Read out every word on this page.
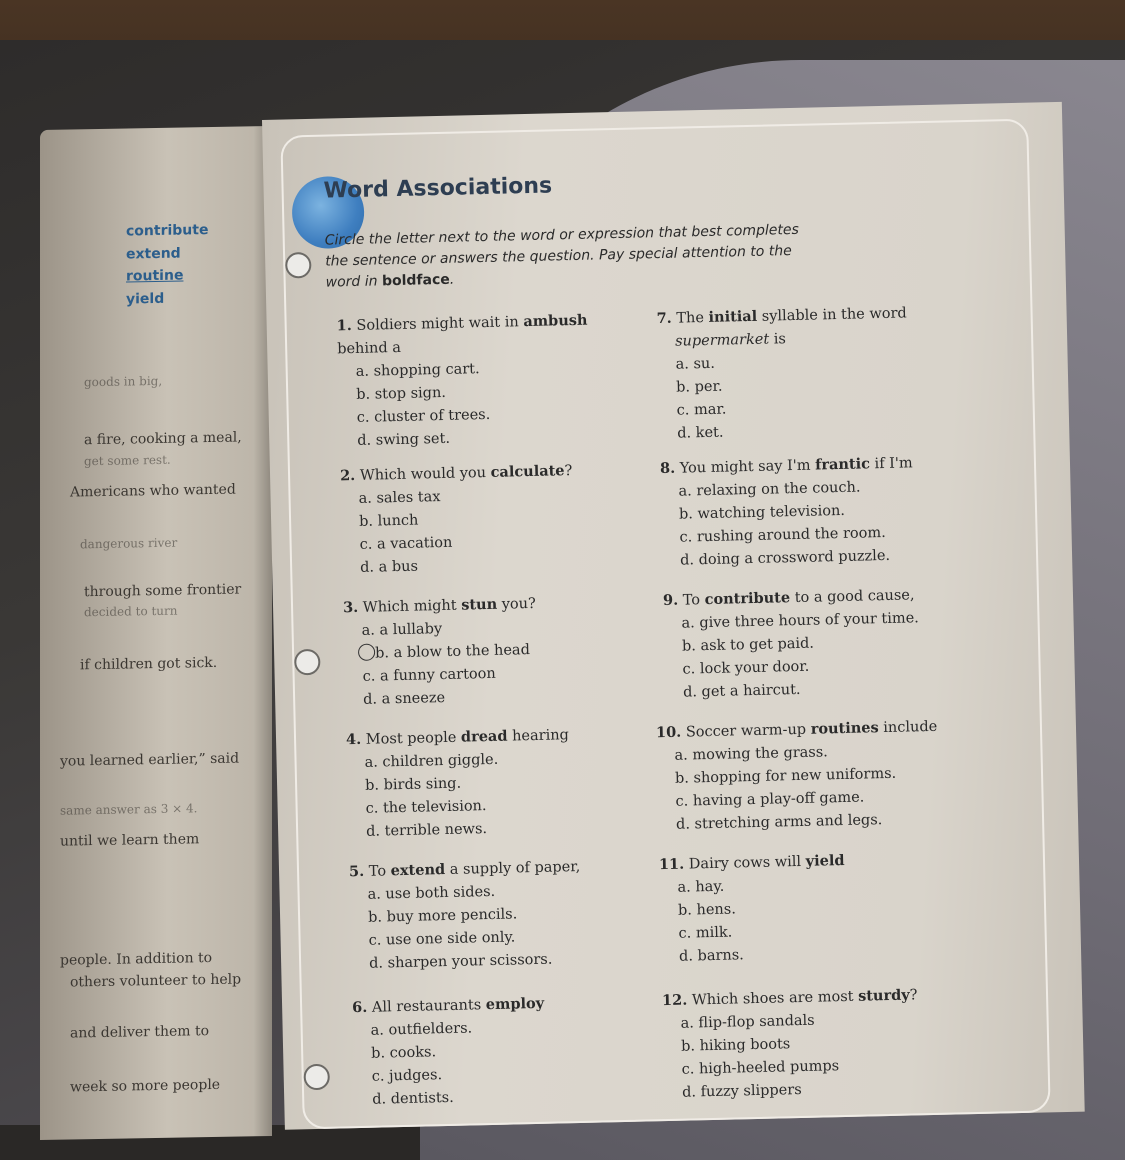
contribute
extend
routine
yield
goods in big,
a fire, cooking a meal,
get some rest.
Americans who wanted
dangerous river
through some frontier
decided to turn
if children got sick.
you learned earlier,” said
same answer as 3 × 4.
until we learn them
people. In addition to
others volunteer to help
and deliver them to
week so more people
Word Associations
Circle the letter next to the word or expression that best completes the sentence or answers the question. Pay special attention to the word in boldface.
1. Soldiers might wait in ambush behind a
a. shopping cart.
b. stop sign.
c. cluster of trees.
d. swing set.
2. Which would you calculate?
a. sales tax
b. lunch
c. a vacation
d. a bus
3. Which might stun you?
a. a lullaby
b. a blow to the head
c. a funny cartoon
d. a sneeze
4. Most people dread hearing
a. children giggle.
b. birds sing.
c. the television.
d. terrible news.
5. To extend a supply of paper,
a. use both sides.
b. buy more pencils.
c. use one side only.
d. sharpen your scissors.
6. All restaurants employ
a. outfielders.
b. cooks.
c. judges.
d. dentists.
7. The initial syllable in the word
supermarket is
a. su.
b. per.
c. mar.
d. ket.
8. You might say I'm frantic if I'm
a. relaxing on the couch.
b. watching television.
c. rushing around the room.
d. doing a crossword puzzle.
9. To contribute to a good cause,
a. give three hours of your time.
b. ask to get paid.
c. lock your door.
d. get a haircut.
10. Soccer warm-up routines include
a. mowing the grass.
b. shopping for new uniforms.
c. having a play-off game.
d. stretching arms and legs.
11. Dairy cows will yield
a. hay.
b. hens.
c. milk.
d. barns.
12. Which shoes are most sturdy?
a. flip-flop sandals
b. hiking boots
c. high-heeled pumps
d. fuzzy slippers
